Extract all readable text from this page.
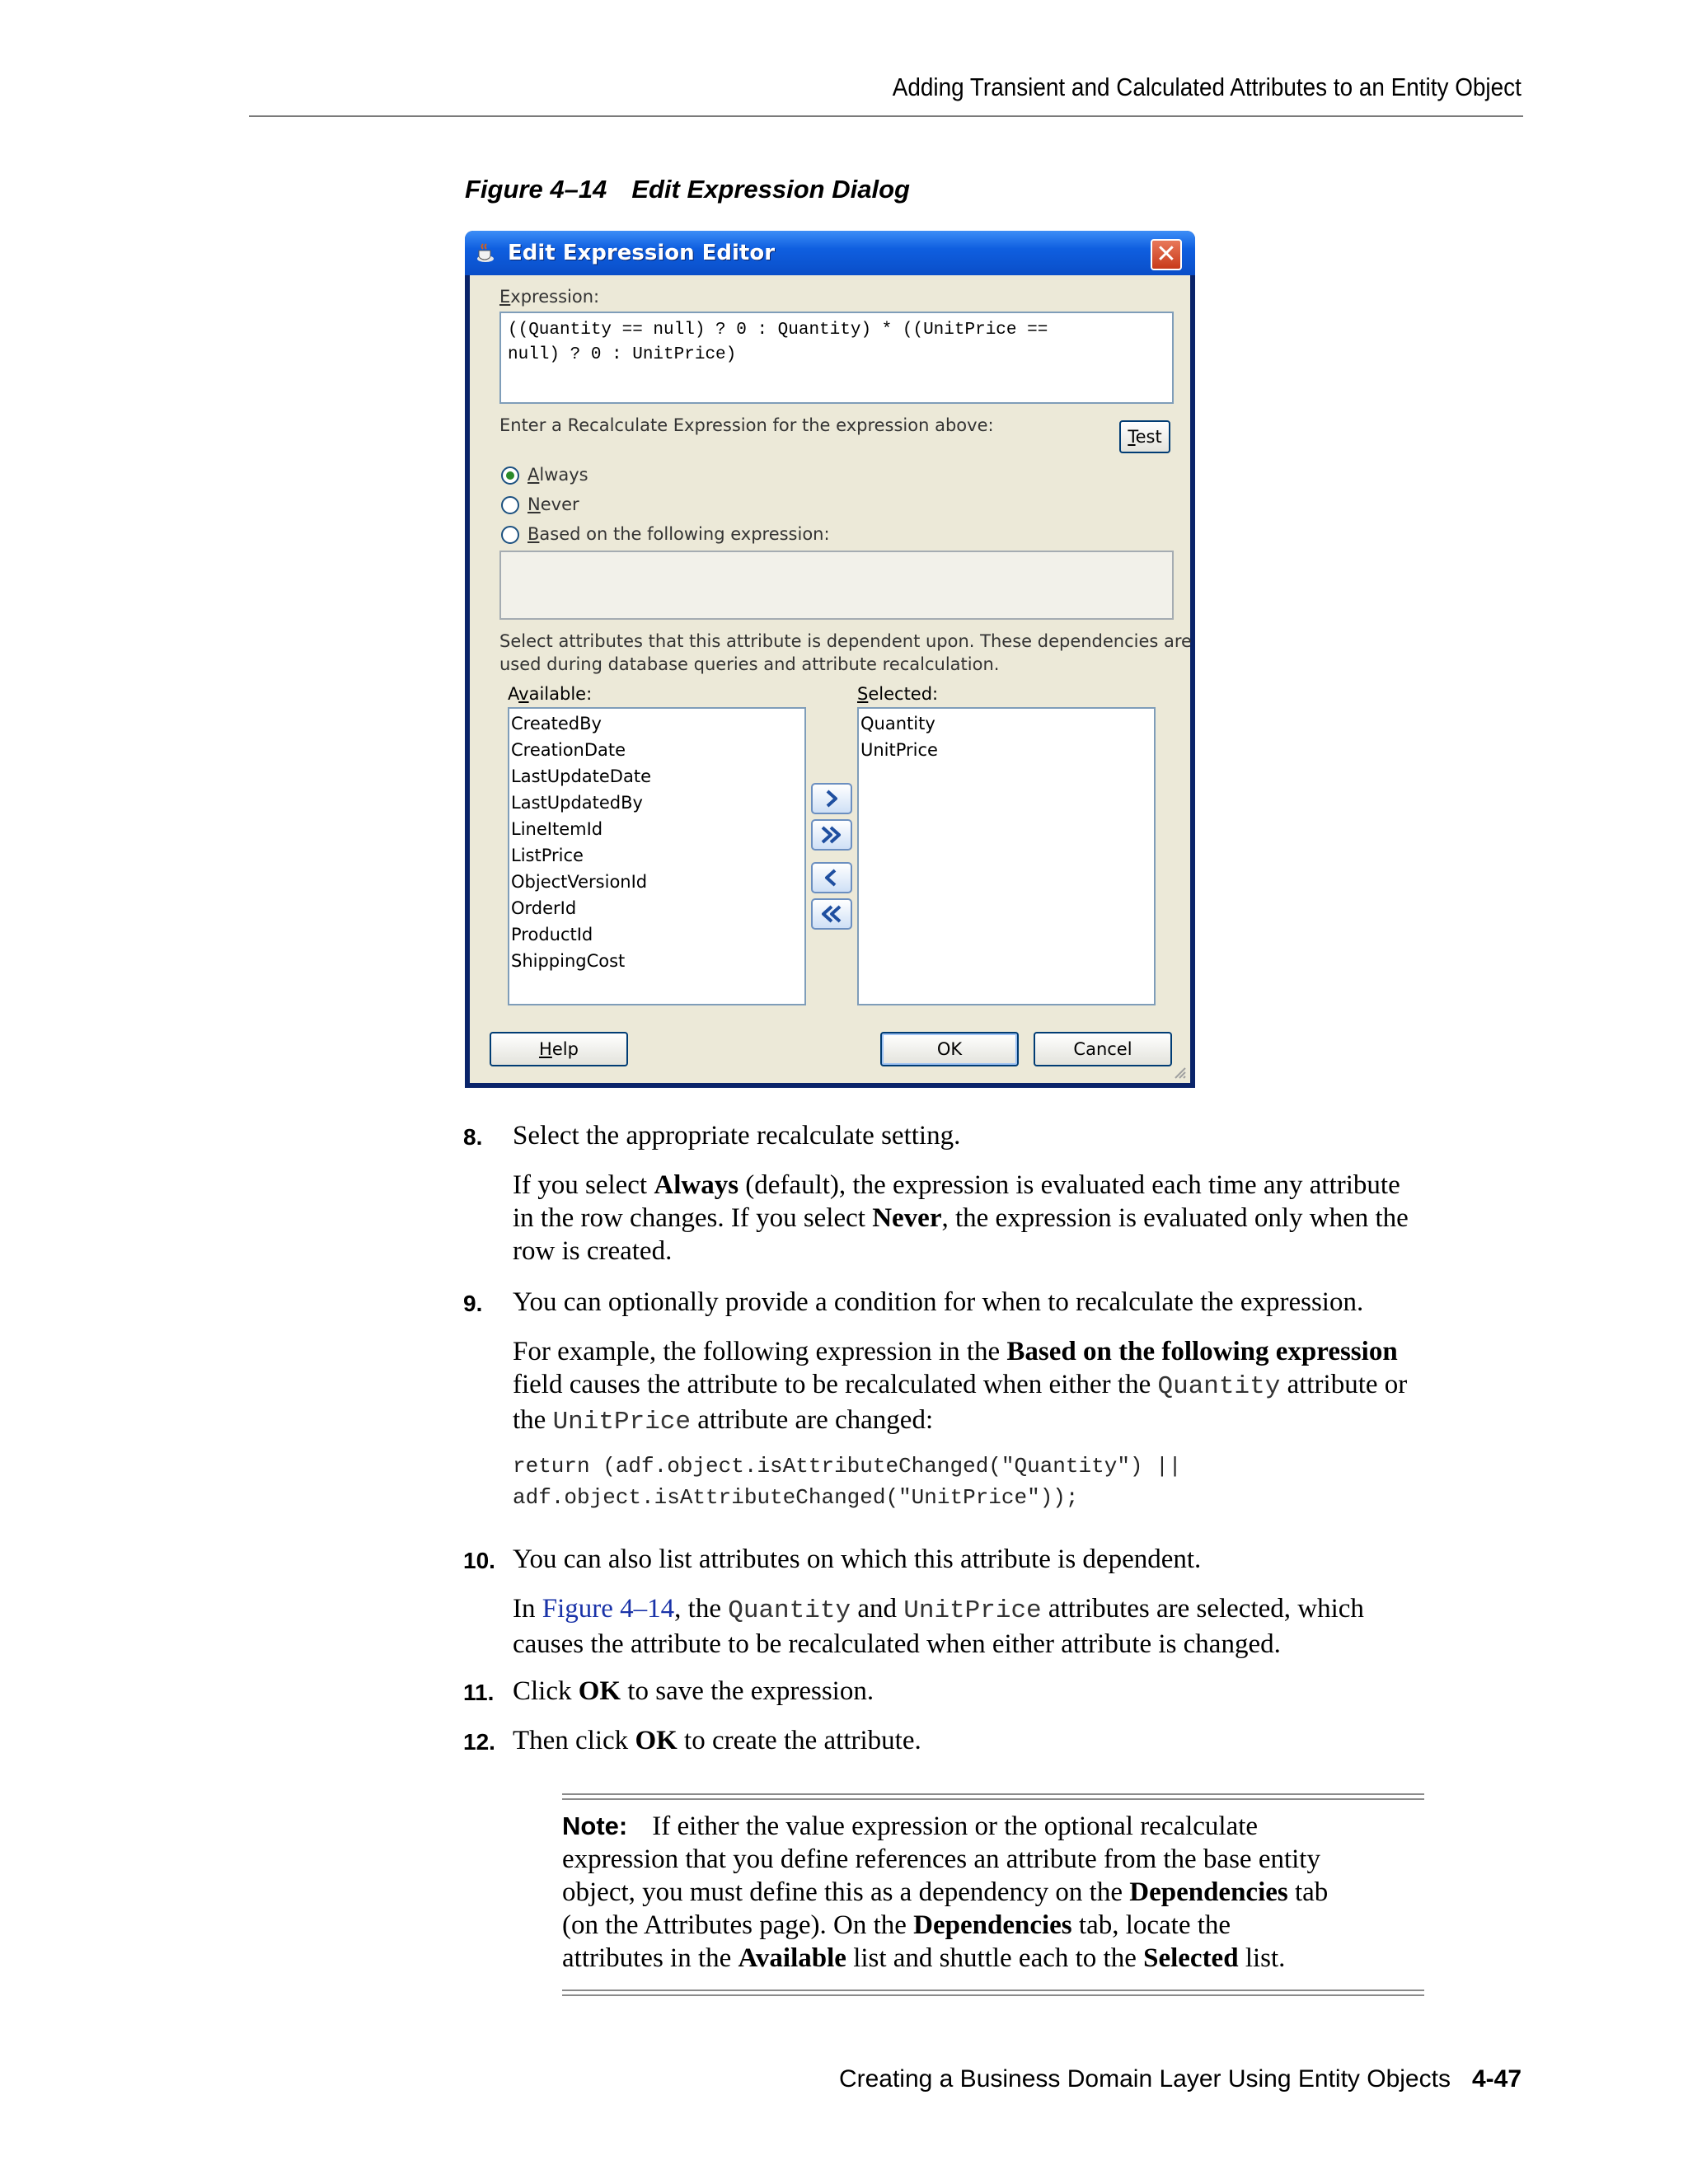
Adding Transient and Calculated Attributes to an Entity Object
Figure 4–14 Edit Expression Dialog
Edit Expression Editor	✕
Expression:
((Quantity == null) ? 0 : Quantity) * ((UnitPrice ==
null) ? 0 : UnitPrice)
Enter a Recalculate Expression for the expression above:
Test
Always
Never
Based on the following expression:
Select attributes that this attribute is dependent upon. These dependencies are
used during database queries and attribute recalculation.
Available:
CreatedBy
CreationDate
LastUpdateDate
LastUpdatedBy
LineItemId
ListPrice
ObjectVersionId
OrderId
ProductId
ShippingCost
Selected:
Quantity
UnitPrice
Help	OK	Cancel
8. Select the appropriate recalculate setting.
If you select Always (default), the expression is evaluated each time any attribute
in the row changes. If you select Never, the expression is evaluated only when the
row is created.
9. You can optionally provide a condition for when to recalculate the expression.
For example, the following expression in the Based on the following expression
field causes the attribute to be recalculated when either the Quantity attribute or
the UnitPrice attribute are changed:
return (adf.object.isAttributeChanged("Quantity") ||
adf.object.isAttributeChanged("UnitPrice"));
10. You can also list attributes on which this attribute is dependent.
In Figure 4–14, the Quantity and UnitPrice attributes are selected, which
causes the attribute to be recalculated when either attribute is changed.
11. Click OK to save the expression.
12. Then click OK to create the attribute.
Note: If either the value expression or the optional recalculate
expression that you define references an attribute from the base entity
object, you must define this as a dependency on the Dependencies tab
(on the Attributes page). On the Dependencies tab, locate the
attributes in the Available list and shuttle each to the Selected list.
Creating a Business Domain Layer Using Entity Objects 4-47
